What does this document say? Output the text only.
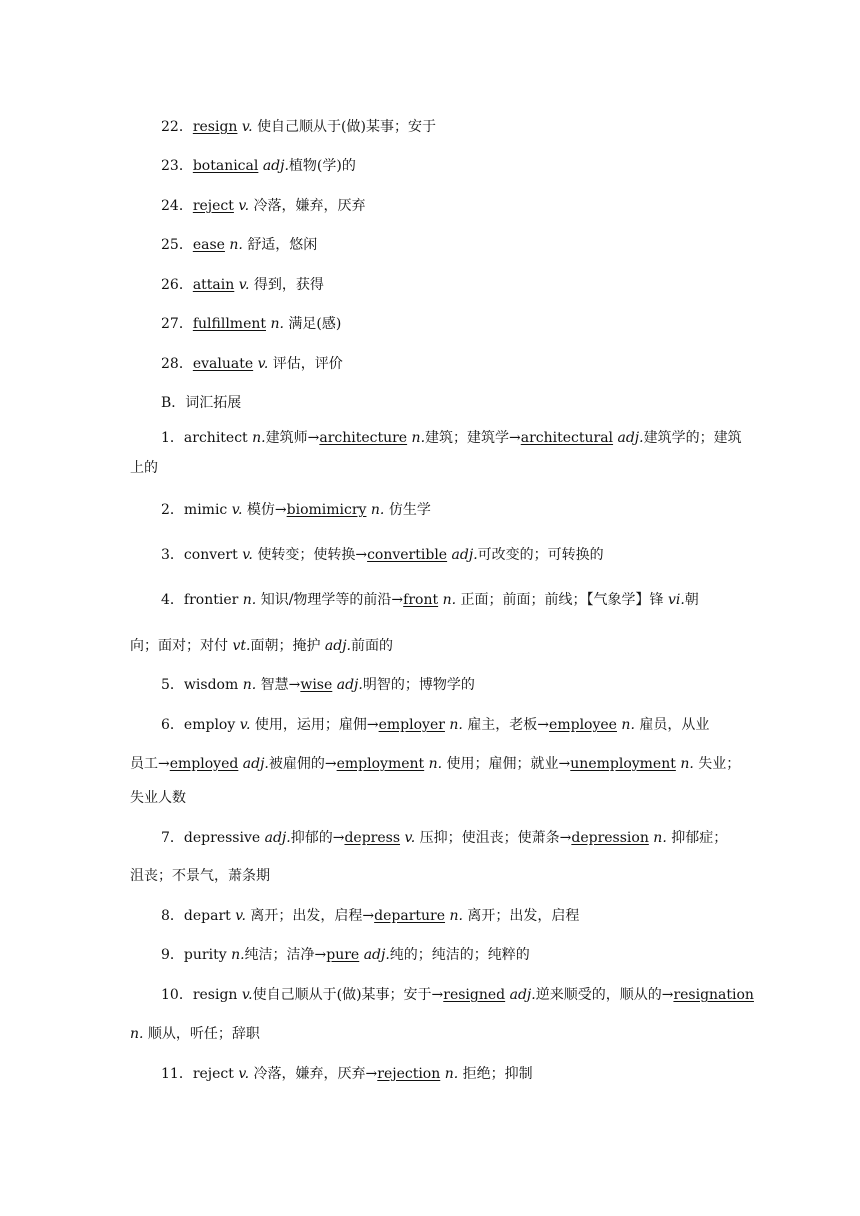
22．resign v. 使自己顺从于(做)某事；安于
23．botanical adj.植物(学)的
24．reject v. 冷落，嫌弃，厌弃
25．ease n. 舒适，悠闲
26．attain v. 得到，获得
27．fulfillment n. 满足(感)
28．evaluate v. 评估，评价
B．词汇拓展
1．architect n.建筑师→architecture n.建筑；建筑学→architectural adj.建筑学的；建筑
上的
2．mimic v. 模仿→biomimicry n. 仿生学
3．convert v. 使转变；使转换→convertible adj.可改变的；可转换的
4．frontier n. 知识/物理学等的前沿→front n. 正面；前面；前线；【气象学】锋 vi.朝
向；面对；对付 vt.面朝；掩护 adj.前面的
5．wisdom n. 智慧→wise adj.明智的；博物学的
6．employ v. 使用，运用；雇佣→employer n. 雇主，老板→employee n. 雇员，从业
员工→employed adj.被雇佣的→employment n. 使用；雇佣；就业→unemployment n. 失业；
失业人数
7．depressive adj.抑郁的→depress v. 压抑；使沮丧；使萧条→depression n. 抑郁症；
沮丧；不景气，萧条期
8．depart v. 离开；出发，启程→departure n. 离开；出发，启程
9．purity n.纯洁；洁净→pure adj.纯的；纯洁的；纯粹的
10．resign v.使自己顺从于(做)某事；安于→resigned adj.逆来顺受的，顺从的→resignation
n. 顺从，听任；辞职
11．reject v. 冷落，嫌弃，厌弃→rejection n. 拒绝；抑制
